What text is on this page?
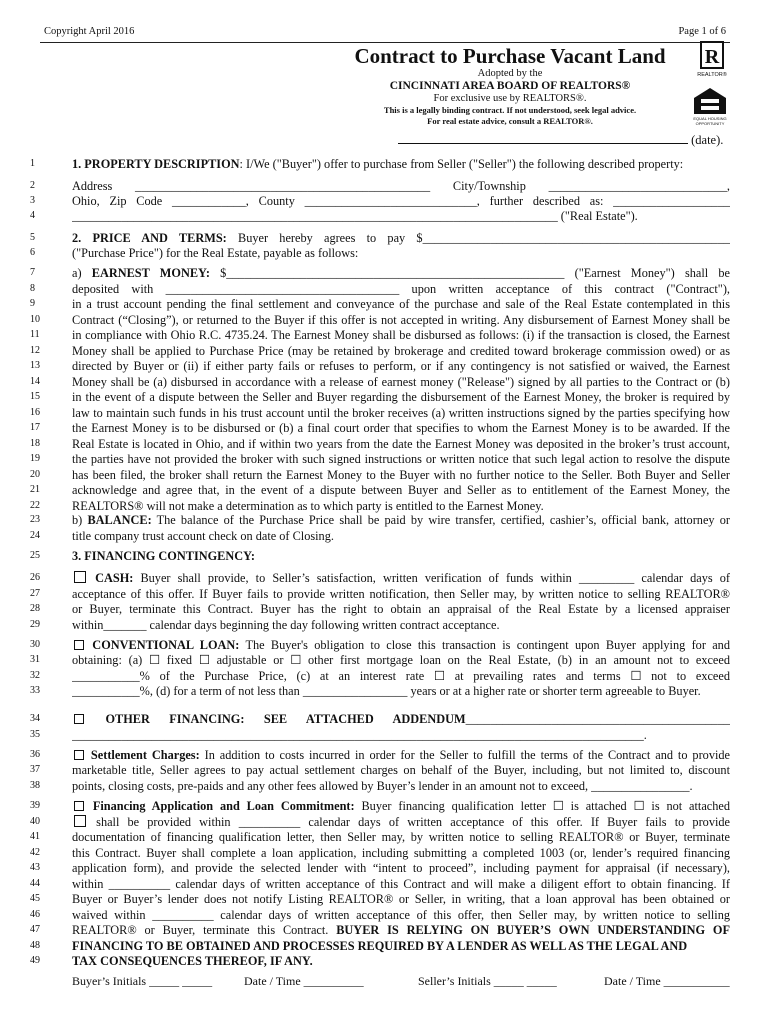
Copyright April 2016	Page 1 of 6
Contract to Purchase Vacant Land
Adopted by the
CINCINNATI AREA BOARD OF REALTORS®
For exclusive use by REALTORS®.
This is a legally binding contract. If not understood, seek legal advice.
For real estate advice, consult a REALTOR®.
R
REALTOR®
EQUAL HOUSING
OPPORTUNITY
(date).
1	1. PROPERTY DESCRIPTION: I/We ("Buyer") offer to purchase from Seller ("Seller") the following described property:
2	Address ________________________________________________ City/Township _____________________________,
3	Ohio, Zip Code ____________, County ____________________________, further described as: ___________________
4	_______________________________________________________________________________ ("Real Estate").
5	2. PRICE AND TERMS: Buyer hereby agrees to pay $__________________________________________________
6	("Purchase Price") for the Real Estate, payable as follows:
7	a) EARNEST MONEY: $_______________________________________________________ ("Earnest Money") shall be
8	deposited with ______________________________________ upon written acceptance of this contract ("Contract"),
9	in a trust account pending the final settlement and conveyance of the purchase and sale of the Real Estate contemplated in this
10	Contract (“Closing”), or returned to the Buyer if this offer is not accepted in writing. Any disbursement of Earnest Money shall be
11	in compliance with Ohio R.C. 4735.24. The Earnest Money shall be disbursed as follows: (i) if the transaction is closed, the Earnest
12	Money shall be applied to Purchase Price (may be retained by brokerage and credited toward brokerage commission owed) or as
13	directed by Buyer or (ii) if either party fails or refuses to perform, or if any contingency is not satisfied or waived, the Earnest
14	Money shall be (a) disbursed in accordance with a release of earnest money ("Release") signed by all parties to the Contract or (b)
15	in the event of a dispute between the Seller and Buyer regarding the disbursement of the Earnest Money, the broker is required by
16	law to maintain such funds in his trust account until the broker receives (a) written instructions signed by the parties specifying how
17	the Earnest Money is to be disbursed or (b) a final court order that specifies to whom the Earnest Money is to be awarded. If the
18	Real Estate is located in Ohio, and if within two years from the date the Earnest Money was deposited in the broker’s trust account,
19	the parties have not provided the broker with such signed instructions or written notice that such legal action to resolve the dispute
20	has been filed, the broker shall return the Earnest Money to the Buyer with no further notice to the Seller. Both Buyer and Seller
21	acknowledge and agree that, in the event of a dispute between Buyer and Seller as to entitlement of the Earnest Money, the
22	REALTORS® will not make a determination as to which party is entitled to the Earnest Money.
23	b) BALANCE: The balance of the Purchase Price shall be paid by wire transfer, certified, cashier’s, official bank, attorney or
24	title company trust account check on date of Closing.
25	3. FINANCING CONTINGENCY:
26	CASH: Buyer shall provide, to Seller’s satisfaction, written verification of funds within _________ calendar days of
27	acceptance of this offer. If Buyer fails to provide written notification, then Seller may, by written notice to selling REALTOR®
28	or Buyer, terminate this Contract. Buyer has the right to obtain an appraisal of the Real Estate by a licensed appraiser
29	within_______ calendar days beginning the day following written contract acceptance.
30	CONVENTIONAL LOAN: The Buyer's obligation to close this transaction is contingent upon Buyer applying for and
31	obtaining: (a) ☐ fixed ☐ adjustable or ☐ other first mortgage loan on the Real Estate, (b) in an amount not to exceed
32	___________% of the Purchase Price, (c) at an interest rate ☐ at prevailing rates and terms ☐ not to exceed
33	___________%, (d) for a term of not less than _________________ years or at a higher rate or shorter term agreeable to Buyer.
34	OTHER FINANCING: SEE ATTACHED ADDENDUM___________________________________________
35	_____________________________________________________________________________________________.
36	Settlement Charges: In addition to costs incurred in order for the Seller to fulfill the terms of the Contract and to provide
37	marketable title, Seller agrees to pay actual settlement charges on behalf of the Buyer, including, but not limited to, discount
38	points, closing costs, pre-paids and any other fees allowed by Buyer’s lender in an amount not to exceed, ________________.
39	Financing Application and Loan Commitment: Buyer financing qualification letter ☐ is attached ☐ is not attached
40	shall be provided within __________ calendar days of written acceptance of this offer. If Buyer fails to provide
41	documentation of financing qualification letter, then Seller may, by written notice to selling REALTOR® or Buyer, terminate
42	this Contract. Buyer shall complete a loan application, including submitting a completed 1003 (or, lender’s required financing
43	application form), and provide the selected lender with “intent to proceed”, including payment for appraisal (if necessary),
44	within __________ calendar days of written acceptance of this Contract and will make a diligent effort to obtain financing. If
45	Buyer or Buyer’s lender does not notify Listing REALTOR® or Seller, in writing, that a loan approval has been obtained or
46	waived within __________ calendar days of written acceptance of this offer, then Seller may, by written notice to selling
47	REALTOR® or Buyer, terminate this Contract. BUYER IS RELYING ON BUYER’S OWN UNDERSTANDING OF
48	FINANCING TO BE OBTAINED AND PROCESSES REQUIRED BY A LENDER AS WELL AS THE LEGAL AND
49	TAX CONSEQUENCES THEREOF, IF ANY.
Buyer’s Initials _____ _____	Date / Time __________	Seller’s Initials _____ _____	Date / Time ___________
